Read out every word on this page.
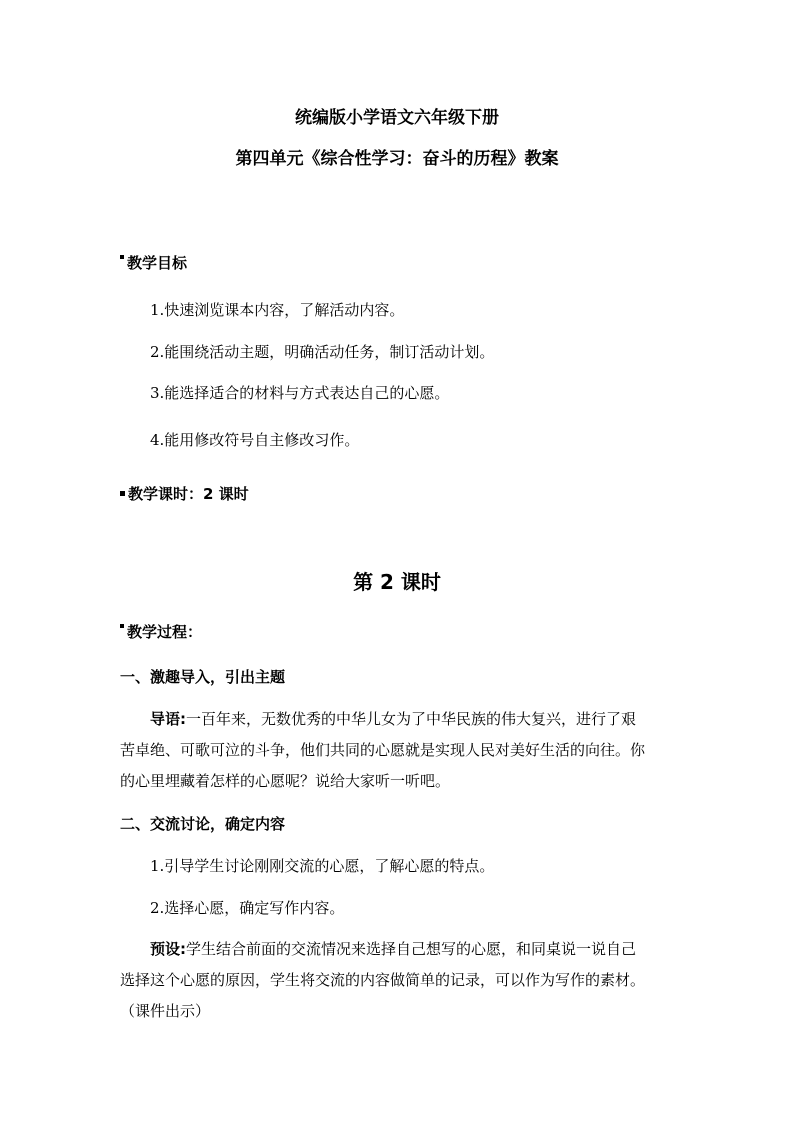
统编版小学语文六年级下册
第四单元《综合性学习：奋斗的历程》教案
教学目标
1.快速浏览课本内容，了解活动内容。
2.能围绕活动主题，明确活动任务，制订活动计划。
3.能选择适合的材料与方式表达自己的心愿。
4.能用修改符号自主修改习作。
教学课时：2 课时
第 2 课时
教学过程：
一、激趣导入，引出主题
导语:一百年来，无数优秀的中华儿女为了中华民族的伟大复兴，进行了艰
苦卓绝、可歌可泣的斗争，他们共同的心愿就是实现人民对美好生活的向往。你
的心里埋藏着怎样的心愿呢？说给大家听一听吧。
二、交流讨论，确定内容
1.引导学生讨论刚刚交流的心愿，了解心愿的特点。
2.选择心愿，确定写作内容。
预设:学生结合前面的交流情况来选择自己想写的心愿，和同桌说一说自己
选择这个心愿的原因，学生将交流的内容做简单的记录，可以作为写作的素材。
（课件出示）
